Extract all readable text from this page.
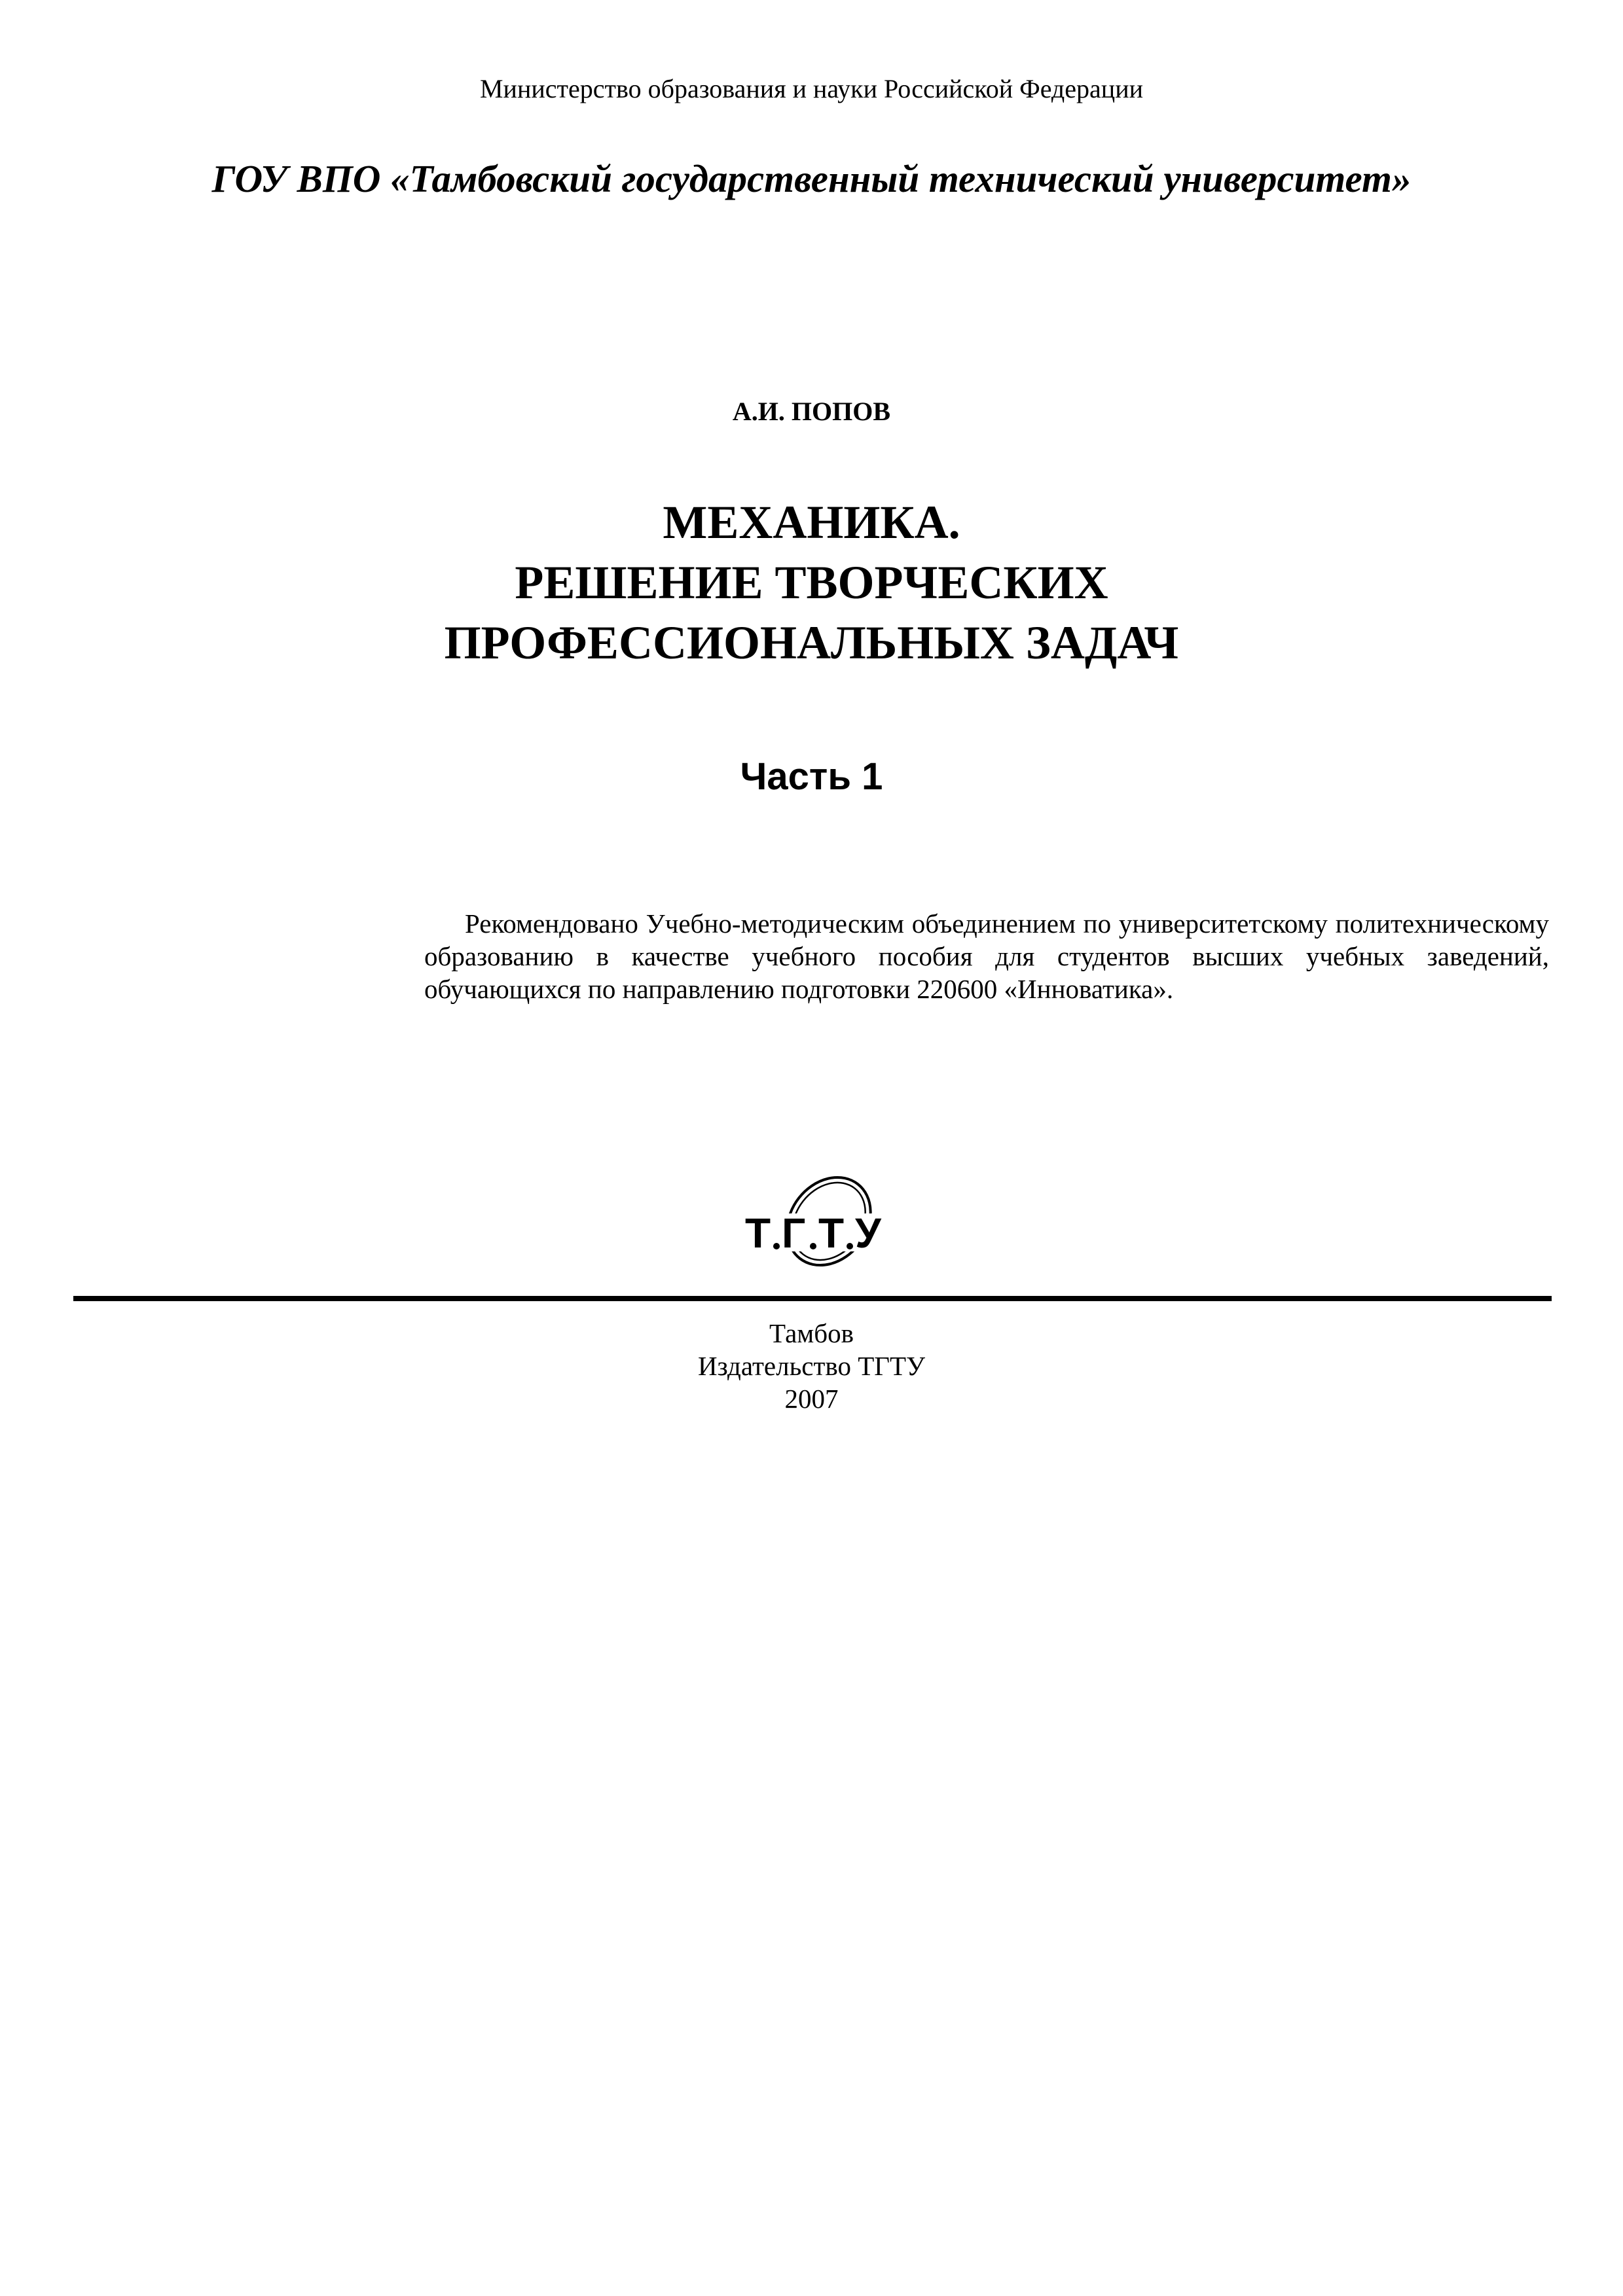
Министерство образования и науки Российской Федерации
ГОУ ВПО «Тамбовский государственный технический университет»
А.И. ПОПОВ
МЕХАНИКА.
РЕШЕНИЕ ТВОРЧЕСКИХ
ПРОФЕССИОНАЛЬНЫХ ЗАДАЧ
Часть 1
Рекомендовано Учебно-методическим объединением по университетскому политехническому образованию в качестве учебного пособия для студентов высших учебных заведений, обучающихся по направлению подготовки 220600 «Инноватика».
Т Г Т У
Тамбов
Издательство ТГТУ
2007
